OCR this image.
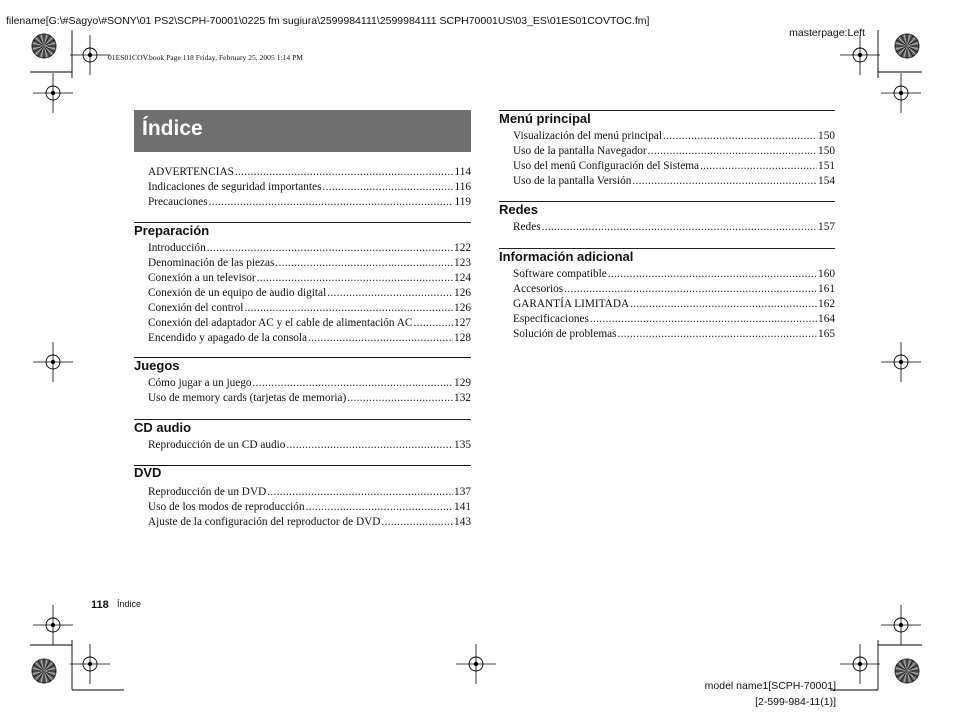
filename[G:\#Sagyo\#SONY\01 PS2\SCPH-70001\0225 fm sugiura\2599984111\2599984111 SCPH70001US\03_ES\01ES01COVTOC.fm]
masterpage:Left
01ES01COV.book Page 118 Friday, February 25, 2005 1:14 PM
Índice
ADVERTENCIAS .....	114
Indicaciones de seguridad importantes .....	116
Precauciones .....	119
Preparación
Introducción .....	122
Denominación de las piezas .....	123
Conexión a un televisor .....	124
Conexión de un equipo de audio digital .....	126
Conexión del control .....	126
Conexión del adaptador AC y el cable de alimentación AC .....	127
Encendido y apagado de la consola .....	128
Juegos
Cómo jugar a un juego .....	129
Uso de memory cards (tarjetas de memoria) .....	132
CD audio
Reproducción de un CD audio .....	135
DVD
Reproducción de un DVD .....	137
Uso de los modos de reproducción .....	141
Ajuste de la configuración del reproductor de DVD .....	143
Menú principal
Visualización del menú principal .....	150
Uso de la pantalla Navegador .....	150
Uso del menú Configuración del Sistema .....	151
Uso de la pantalla Versión .....	154
Redes
Redes .....	157
Información adicional
Software compatible .....	160
Accesorios .....	161
GARANTÍA LIMITADA .....	162
Especificaciones .....	164
Solución de problemas .....	165
118 Índice
model name1[SCPH-70001]
[2-599-984-11(1)]
